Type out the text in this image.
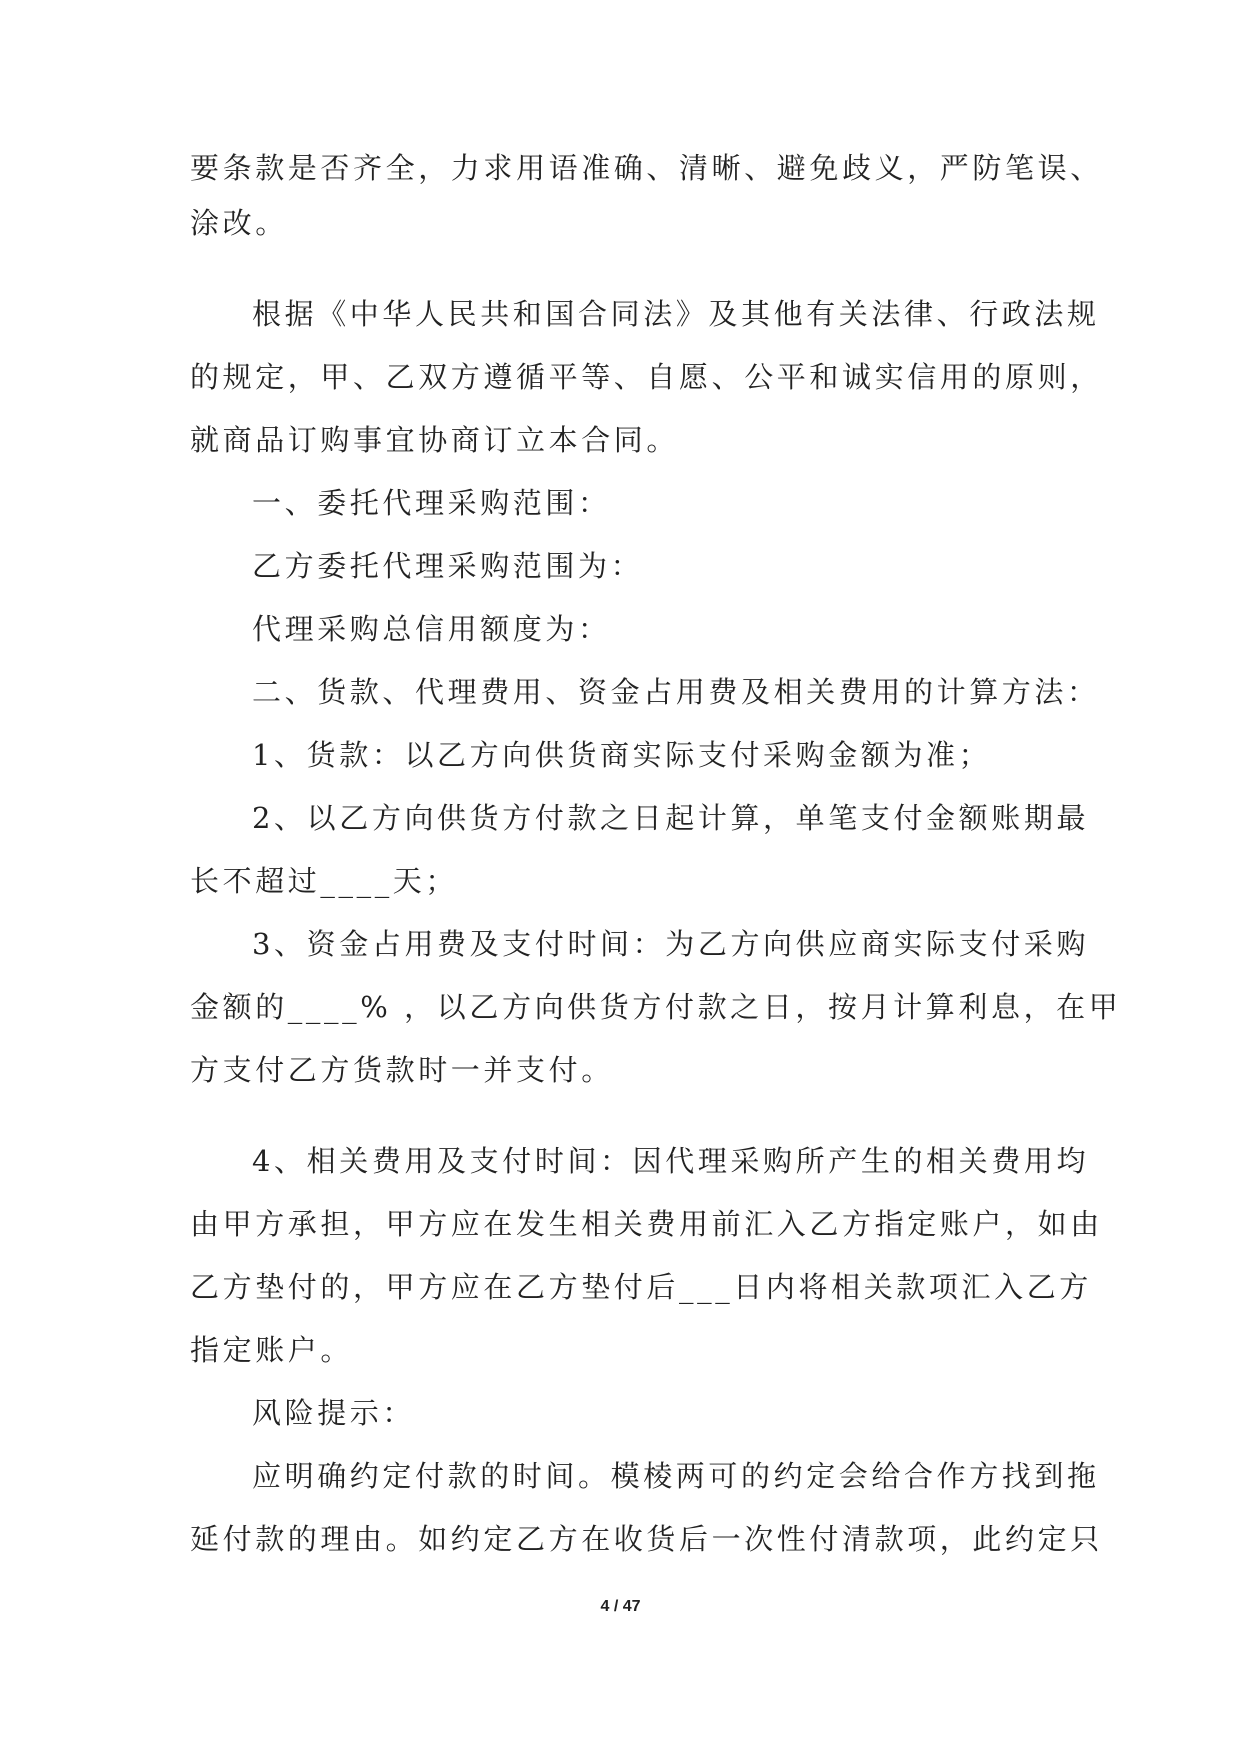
要条款是否齐全，力求用语准确、清晰、避免歧义，严防笔误、
涂改。
根据《中华人民共和国合同法》及其他有关法律、行政法规
的规定，甲、乙双方遵循平等、自愿、公平和诚实信用的原则，
就商品订购事宜协商订立本合同。
一、委托代理采购范围：
乙方委托代理采购范围为：
代理采购总信用额度为：
二、货款、代理费用、资金占用费及相关费用的计算方法：
1、货款：以乙方向供货商实际支付采购金额为准；
2、以乙方向供货方付款之日起计算，单笔支付金额账期最
长不超过____天；
3、资金占用费及支付时间：为乙方向供应商实际支付采购
金额的____% ，以乙方向供货方付款之日，按月计算利息，在甲
方支付乙方货款时一并支付。
4、相关费用及支付时间：因代理采购所产生的相关费用均
由甲方承担，甲方应在发生相关费用前汇入乙方指定账户，如由
乙方垫付的，甲方应在乙方垫付后___日内将相关款项汇入乙方
指定账户。
风险提示：
应明确约定付款的时间。模棱两可的约定会给合作方找到拖
延付款的理由。如约定乙方在收货后一次性付清款项，此约定只
4 / 47
